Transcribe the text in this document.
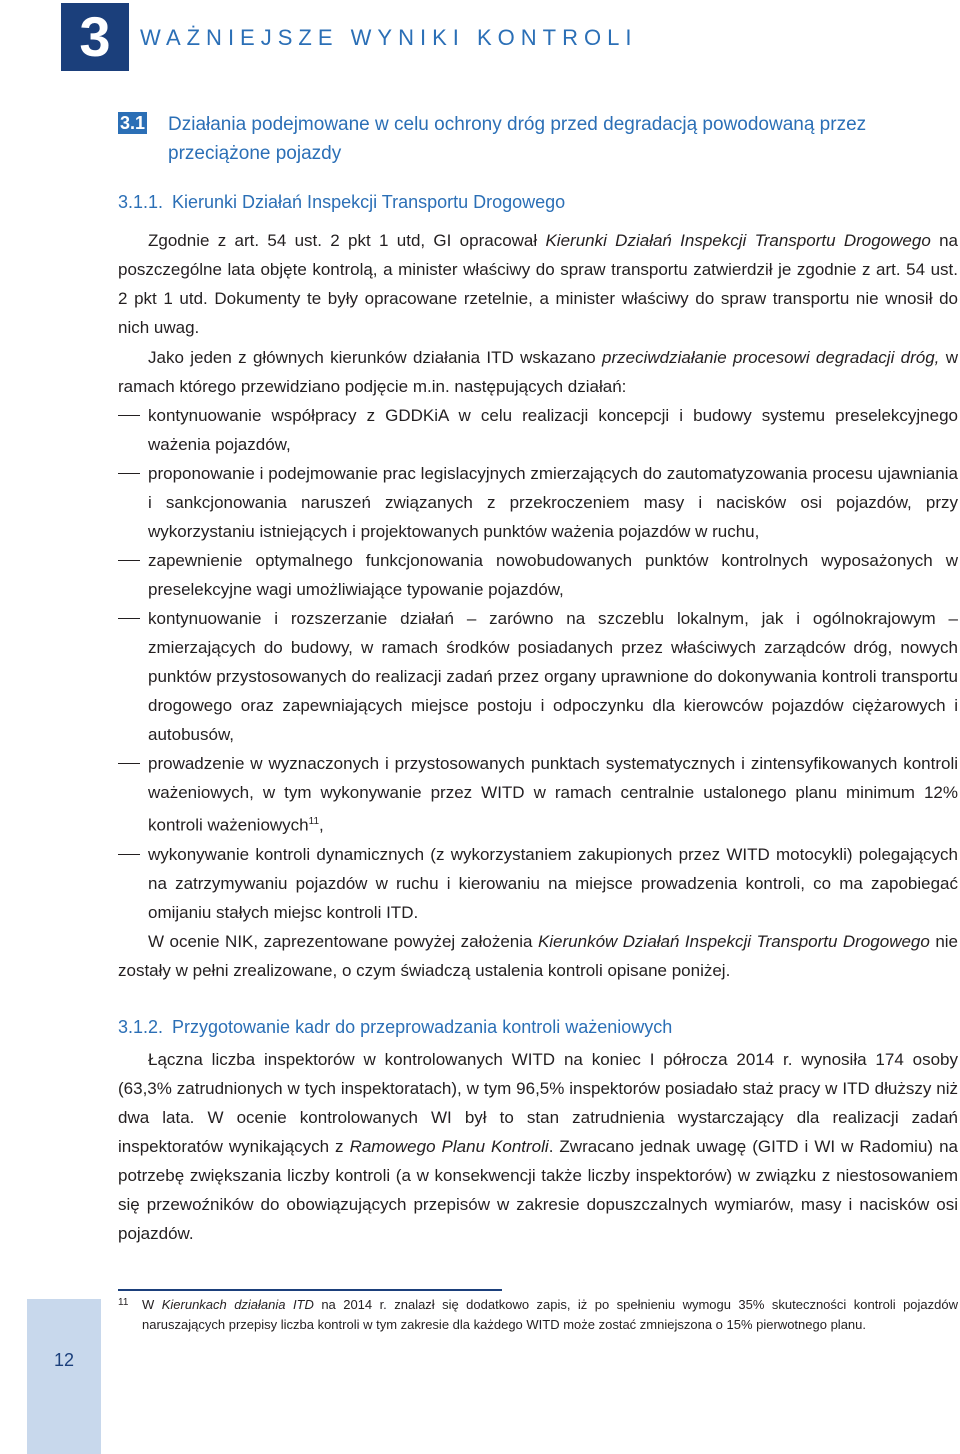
3	WAŻNIEJSZE WYNIKI KONTROLI
3.1 Działania podejmowane w celu ochrony dróg przed degradacją powodowaną przez przeciążone pojazdy
3.1.1. Kierunki Działań Inspekcji Transportu Drogowego
Zgodnie z art. 54 ust. 2 pkt 1 utd, GI opracował Kierunki Działań Inspekcji Transportu Drogowego na poszczególne lata objęte kontrolą, a minister właściwy do spraw transportu zatwierdził je zgodnie z art. 54 ust. 2 pkt 1 utd. Dokumenty te były opracowane rzetelnie, a minister właściwy do spraw transportu nie wnosił do nich uwag.
Jako jeden z głównych kierunków działania ITD wskazano przeciwdziałanie procesowi degradacji dróg, w ramach którego przewidziano podjęcie m.in. następujących działań:
kontynuowanie współpracy z GDDKiA w celu realizacji koncepcji i budowy systemu preselekcyjnego ważenia pojazdów,
proponowanie i podejmowanie prac legislacyjnych zmierzających do zautomatyzowania procesu ujawniania i sankcjonowania naruszeń związanych z przekroczeniem masy i nacisków osi pojazdów, przy wykorzystaniu istniejących i projektowanych punktów ważenia pojazdów w ruchu,
zapewnienie optymalnego funkcjonowania nowobudowanych punktów kontrolnych wyposażonych w preselekcyjne wagi umożliwiające typowanie pojazdów,
kontynuowanie i rozszerzanie działań – zarówno na szczeblu lokalnym, jak i ogólnokrajowym – zmierzających do budowy, w ramach środków posiadanych przez właściwych zarządców dróg, nowych punktów przystosowanych do realizacji zadań przez organy uprawnione do dokonywania kontroli transportu drogowego oraz zapewniających miejsce postoju i odpoczynku dla kierowców pojazdów ciężarowych i autobusów,
prowadzenie w wyznaczonych i przystosowanych punktach systematycznych i zintensyfikowanych kontroli ważeniowych, w tym wykonywanie przez WITD w ramach centralnie ustalonego planu minimum 12% kontroli ważeniowych$^{11}$,
wykonywanie kontroli dynamicznych (z wykorzystaniem zakupionych przez WITD motocykli) polegających na zatrzymywaniu pojazdów w ruchu i kierowaniu na miejsce prowadzenia kontroli, co ma zapobiegać omijaniu stałych miejsc kontroli ITD.
W ocenie NIK, zaprezentowane powyżej założenia Kierunków Działań Inspekcji Transportu Drogowego nie zostały w pełni zrealizowane, o czym świadczą ustalenia kontroli opisane poniżej.
3.1.2. Przygotowanie kadr do przeprowadzania kontroli ważeniowych
Łączna liczba inspektorów w kontrolowanych WITD na koniec I półrocza 2014 r. wynosiła 174 osoby (63,3% zatrudnionych w tych inspektoratach), w tym 96,5% inspektorów posiadało staż pracy w ITD dłuższy niż dwa lata. W ocenie kontrolowanych WI był to stan zatrudnienia wystarczający dla realizacji zadań inspektoratów wynikających z Ramowego Planu Kontroli. Zwracano jednak uwagę (GITD i WI w Radomiu) na potrzebę zwiększania liczby kontroli (a w konsekwencji także liczby inspektorów) w związku z niestosowaniem się przewoźników do obowiązujących przepisów w zakresie dopuszczalnych wymiarów, masy i nacisków osi pojazdów.
12
11 W Kierunkach działania ITD na 2014 r. znalazł się dodatkowo zapis, iż po spełnieniu wymogu 35% skuteczności kontroli pojazdów naruszających przepisy liczba kontroli w tym zakresie dla każdego WITD może zostać zmniejszona o 15% pierwotnego planu.
